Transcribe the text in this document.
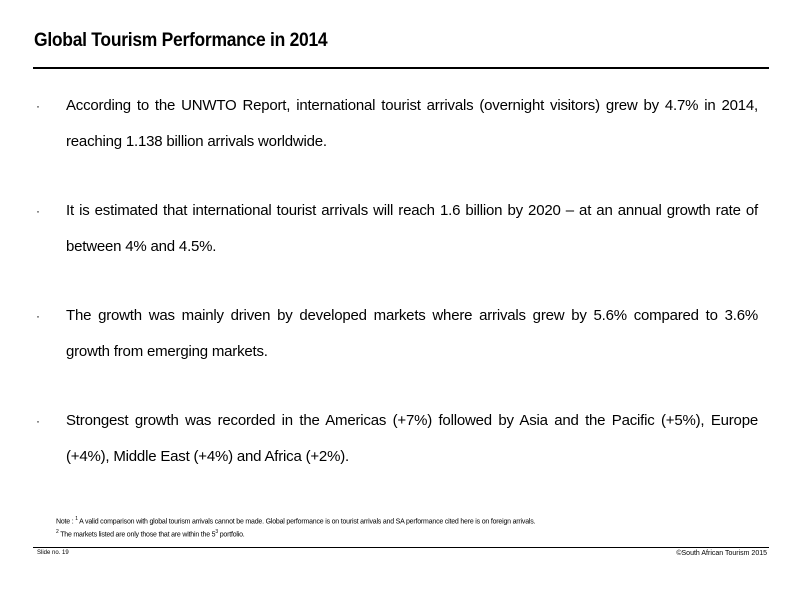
Global Tourism Performance in 2014
· According to the UNWTO Report, international tourist arrivals (overnight visitors) grew by 4.7% in 2014, reaching 1.138 billion arrivals worldwide.
· It is estimated that international tourist arrivals will reach 1.6 billion by 2020 – at an annual growth rate of between 4% and 4.5%.
· The growth was mainly driven by developed markets where arrivals grew by 5.6% compared to 3.6% growth from emerging markets.
· Strongest growth was recorded in the Americas (+7%) followed by Asia and the Pacific (+5%), Europe (+4%), Middle East (+4%) and Africa (+2%).
Note : $^1$ A valid comparison with global tourism arrivals cannot be made. Global performance is on tourist arrivals and SA performance cited here is on foreign arrivals.
$^2$ The markets listed are only those that are within the $5^3$ portfolio.
Slide no. 19	©South African Tourism 2015
